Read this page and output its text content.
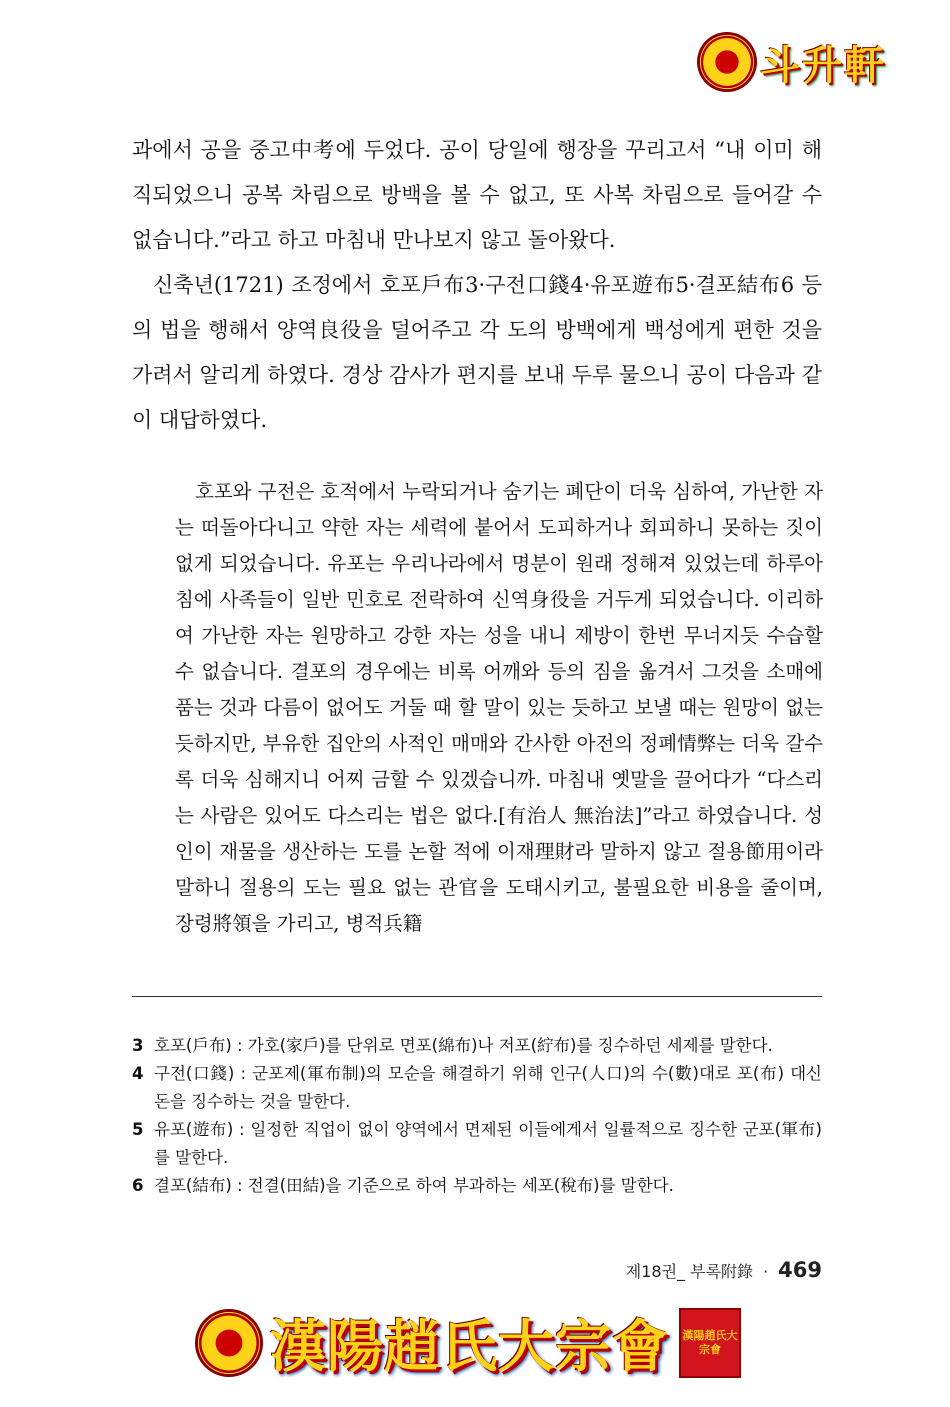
斗升軒

과에서 공을 중고中考에 두었다. 공이 당일에 행장을 꾸리고서 “내 이미 해직되었으니 공복 차림으로 방백을 볼 수 없고, 또 사복 차림으로 들어갈 수 없습니다.”라고 하고 마침내 만나보지 않고 돌아왔다.

신축년(1721) 조정에서 호포戶布3·구전口錢4·유포遊布5·결포結布6 등의 법을 행해서 양역良役을 덜어주고 각 도의 방백에게 백성에게 편한 것을 가려서 알리게 하였다. 경상 감사가 편지를 보내 두루 물으니 공이 다음과 같이 대답하였다.

호포와 구전은 호적에서 누락되거나 숨기는 폐단이 더욱 심하여, 가난한 자는 떠돌아다니고 약한 자는 세력에 붙어서 도피하거나 회피하니 못하는 짓이 없게 되었습니다. 유포는 우리나라에서 명분이 원래 정해져 있었는데 하루아침에 사족들이 일반 민호로 전락하여 신역身役을 거두게 되었습니다. 이리하여 가난한 자는 원망하고 강한 자는 성을 내니 제방이 한번 무너지듯 수습할 수 없습니다. 결포의 경우에는 비록 어깨와 등의 짐을 옮겨서 그것을 소매에 품는 것과 다름이 없어도 거둘 때 할 말이 있는 듯하고 보낼 때는 원망이 없는 듯하지만, 부유한 집안의 사적인 매매와 간사한 아전의 정폐情弊는 더욱 갈수록 더욱 심해지니 어찌 금할 수 있겠습니까. 마침내 옛말을 끌어다가 “다스리는 사람은 있어도 다스리는 법은 없다.[有治人 無治法]”라고 하였습니다. 성인이 재물을 생산하는 도를 논할 적에 이재理財라 말하지 않고 절용節用이라 말하니 절용의 도는 필요 없는 관官을 도태시키고, 불필요한 비용을 줄이며, 장령將領을 가리고, 병적兵籍
3 호포(戶布) : 가호(家戶)를 단위로 면포(綿布)나 저포(紵布)를 징수하던 세제를 말한다.
4 구전(口錢) : 군포제(軍布制)의 모순을 해결하기 위해 인구(人口)의 수(數)대로 포(布) 대신 돈을 징수하는 것을 말한다.
5 유포(遊布) : 일정한 직업이 없이 양역에서 면제된 이들에게서 일률적으로 징수한 군포(軍布)를 말한다.
6 결포(結布) : 전결(田結)을 기준으로 하여 부과하는 세포(稅布)를 말한다.
제18권_ 부록附錄 · 469
漢陽趙氏大宗會	漢陽趙氏大宗會
